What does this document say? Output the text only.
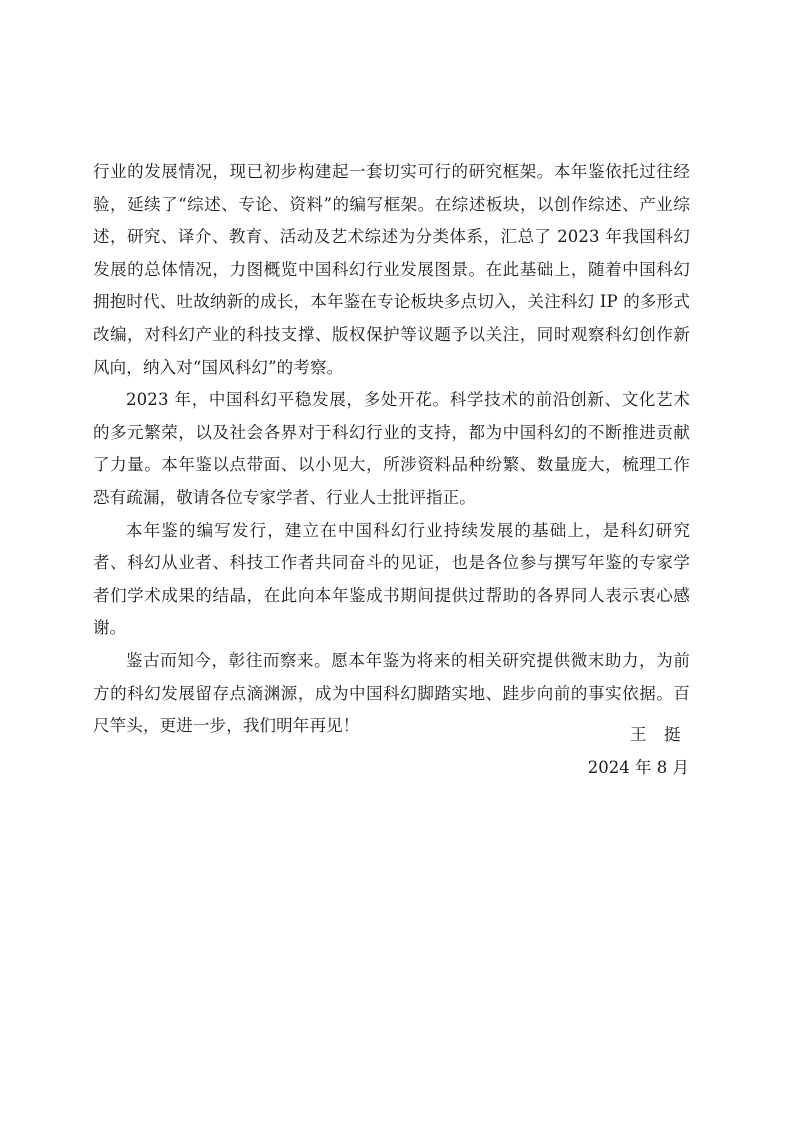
行业的发展情况，现已初步构建起一套切实可行的研究框架。本年鉴依托过往经验，延续了“综述、专论、资料”的编写框架。在综述板块，以创作综述、产业综述，研究、译介、教育、活动及艺术综述为分类体系，汇总了 2023 年我国科幻发展的总体情况，力图概览中国科幻行业发展图景。在此基础上，随着中国科幻拥抱时代、吐故纳新的成长，本年鉴在专论板块多点切入，关注科幻 IP 的多形式改编，对科幻产业的科技支撑、版权保护等议题予以关注，同时观察科幻创作新风向，纳入对“国风科幻”的考察。

2023 年，中国科幻平稳发展，多处开花。科学技术的前沿创新、文化艺术的多元繁荣，以及社会各界对于科幻行业的支持，都为中国科幻的不断推进贡献了力量。本年鉴以点带面、以小见大，所涉资料品种纷繁、数量庞大，梳理工作恐有疏漏，敬请各位专家学者、行业人士批评指正。

本年鉴的编写发行，建立在中国科幻行业持续发展的基础上，是科幻研究者、科幻从业者、科技工作者共同奋斗的见证，也是各位参与撰写年鉴的专家学者们学术成果的结晶，在此向本年鉴成书期间提供过帮助的各界同人表示衷心感谢。

鉴古而知今，彰往而察来。愿本年鉴为将来的相关研究提供微末助力，为前方的科幻发展留存点滴渊源，成为中国科幻脚踏实地、跬步向前的事实依据。百尺竿头，更进一步，我们明年再见！	王　挺
2024 年 8 月
